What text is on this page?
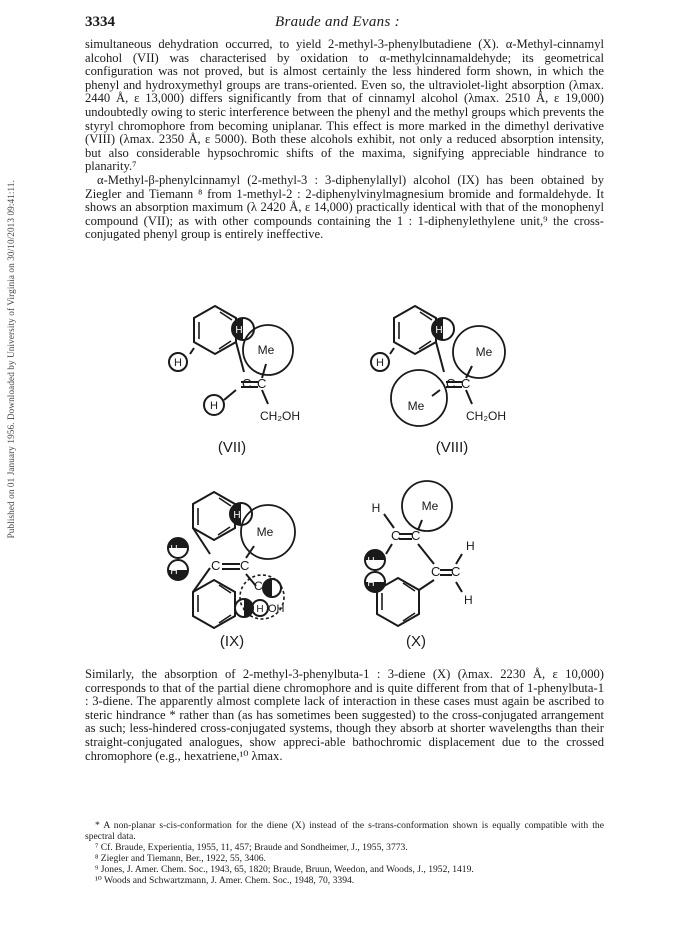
Published on 01 January 1956. Downloaded by University of Virginia on 30/10/2013 09:41:11.
3334	Braude and Evans :

simultaneous dehydration occurred, to yield 2-methyl-3-phenylbutadiene (X). α-Methyl-cinnamyl alcohol (VII) was characterised by oxidation to α-methylcinnamaldehyde; its geometrical configuration was not proved, but is almost certainly the less hindered form shown, in which the phenyl and hydroxymethyl groups are trans-oriented. Even so, the ultraviolet-light absorption (λmax. 2440 Å, ε 13,000) differs significantly from that of cinnamyl alcohol (λmax. 2510 Å, ε 19,000) undoubtedly owing to steric interference between the phenyl and the methyl groups which prevents the styryl chromophore from becoming uniplanar. This effect is more marked in the dimethyl derivative (VIII) (λmax. 2350 Å, ε 5000). Both these alcohols exhibit, not only a reduced absorption intensity, but also considerable hypsochromic shifts of the maxima, signifying appreciable hindrance to planarity.⁷

α-Methyl-β-phenylcinnamyl (2-methyl-3 : 3-diphenylallyl) alcohol (IX) has been obtained by Ziegler and Tiemann ⁸ from 1-methyl-2 : 2-diphenylvinylmagnesium bromide and formaldehyde. It shows an absorption maximum (λ 2420 Å, ε 14,000) practically identical with that of the monophenyl compound (VII); as with other compounds containing the 1 : 1-diphenylethylene unit,⁹ the cross-conjugated phenyl group is entirely ineffective.

H
H
Me
C C
H
CH₂OH
(VII)
H
H
Me
C C
Me
CH₂OH
(VIII)
H
H
H
Me
C C
C H
H H OH
(IX)
Me
H
C C
C C
H
H
H
H
(X)

Similarly, the absorption of 2-methyl-3-phenylbuta-1 : 3-diene (X) (λmax. 2230 Å, ε 10,000) corresponds to that of the partial diene chromophore and is quite different from that of 1-phenylbuta-1 : 3-diene. The apparently almost complete lack of interaction in these cases must again be ascribed to steric hindrance * rather than (as has sometimes been suggested) to the cross-conjugated arrangement as such; less-hindered cross-conjugated systems, though they absorb at shorter wavelengths than their straight-conjugated analogues, show appreci-able bathochromic displacement due to the crossed chromophore (e.g., hexatriene,¹⁰ λmax.

* A non-planar s-cis-conformation for the diene (X) instead of the s-trans-conformation shown is equally compatible with the spectral data.

⁷ Cf. Braude, Experientia, 1955, 11, 457; Braude and Sondheimer, J., 1955, 3773.

⁸ Ziegler and Tiemann, Ber., 1922, 55, 3406.

⁹ Jones, J. Amer. Chem. Soc., 1943, 65, 1820; Braude, Bruun, Weedon, and Woods, J., 1952, 1419.

¹⁰ Woods and Schwartzmann, J. Amer. Chem. Soc., 1948, 70, 3394.
